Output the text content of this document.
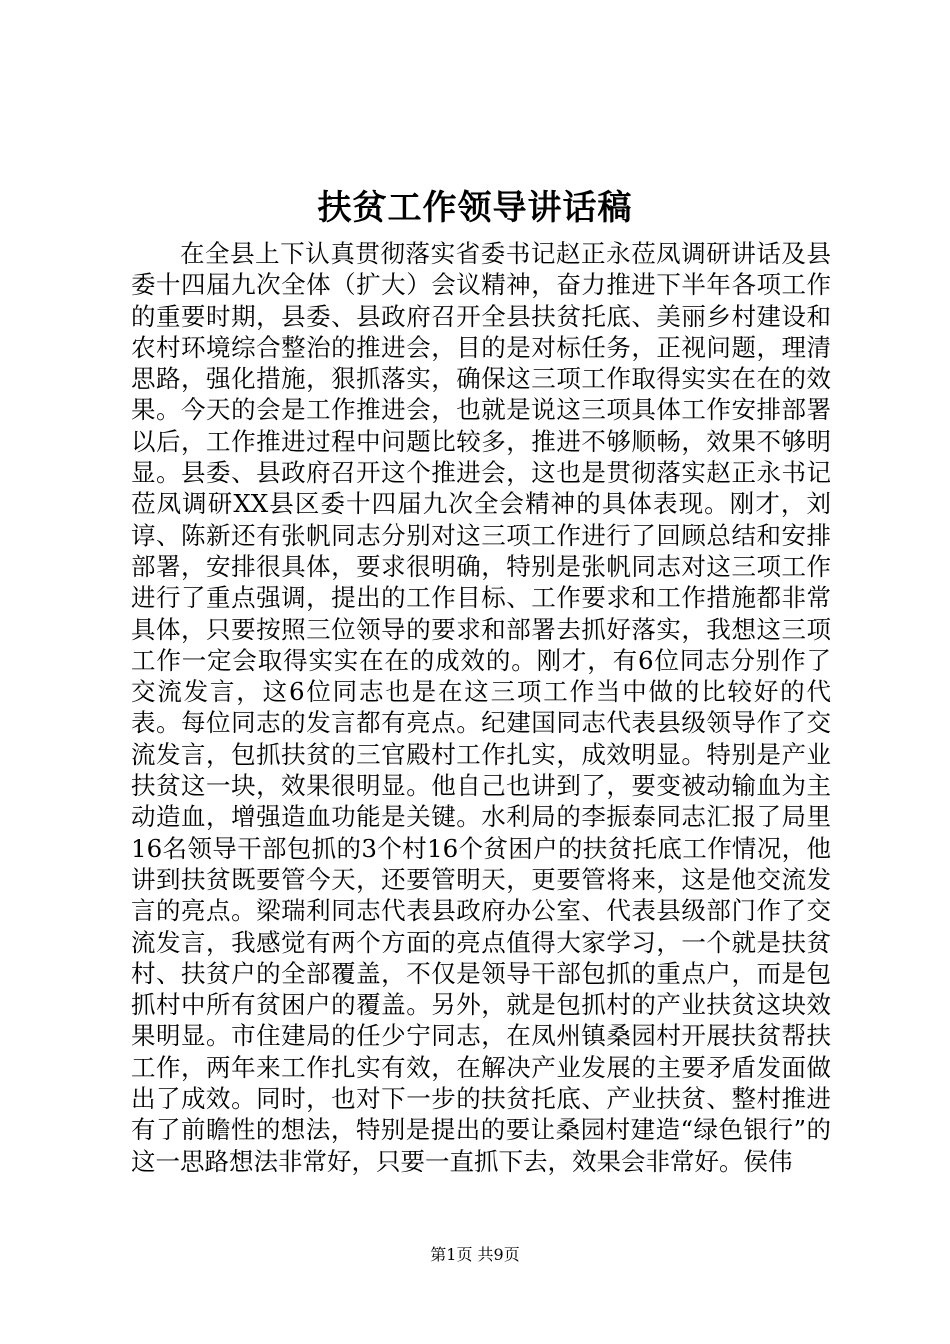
扶贫工作领导讲话稿

在全县上下认真贯彻落实省委书记赵正永莅凤调研讲话及县委十四届九次全体（扩大）会议精神，奋力推进下半年各项工作的重要时期，县委、县政府召开全县扶贫托底、美丽乡村建设和农村环境综合整治的推进会，目的是对标任务，正视问题，理清思路，强化措施，狠抓落实，确保这三项工作取得实实在在的效果。今天的会是工作推进会，也就是说这三项具体工作安排部署以后，工作推进过程中问题比较多，推进不够顺畅，效果不够明显。县委、县政府召开这个推进会，这也是贯彻落实赵正永书记莅凤调研XX县区委十四届九次全会精神的具体表现。刚才，刘谆、陈新还有张帆同志分别对这三项工作进行了回顾总结和安排部署，安排很具体，要求很明确，特别是张帆同志对这三项工作进行了重点强调，提出的工作目标、工作要求和工作措施都非常具体，只要按照三位领导的要求和部署去抓好落实，我想这三项工作一定会取得实实在在的成效的。刚才，有6位同志分别作了交流发言，这6位同志也是在这三项工作当中做的比较好的代表。每位同志的发言都有亮点。纪建国同志代表县级领导作了交流发言，包抓扶贫的三官殿村工作扎实，成效明显。特别是产业扶贫这一块，效果很明显。他自己也讲到了，要变被动输血为主动造血，增强造血功能是关键。水利局的李振泰同志汇报了局里16名领导干部包抓的3个村16个贫困户的扶贫托底工作情况，他讲到扶贫既要管今天，还要管明天，更要管将来，这是他交流发言的亮点。梁瑞利同志代表县政府办公室、代表县级部门作了交流发言，我感觉有两个方面的亮点值得大家学习，一个就是扶贫村、扶贫户的全部覆盖，不仅是领导干部包抓的重点户，而是包抓村中所有贫困户的覆盖。另外，就是包抓村的产业扶贫这块效果明显。市住建局的任少宁同志，在凤州镇桑园村开展扶贫帮扶工作，两年来工作扎实有效，在解决产业发展的主要矛盾发面做出了成效。同时，也对下一步的扶贫托底、产业扶贫、整村推进有了前瞻性的想法，特别是提出的要让桑园村建造“绿色银行”的这一思路想法非常好，只要一直抓下去，效果会非常好。侯伟

第1页 共9页
